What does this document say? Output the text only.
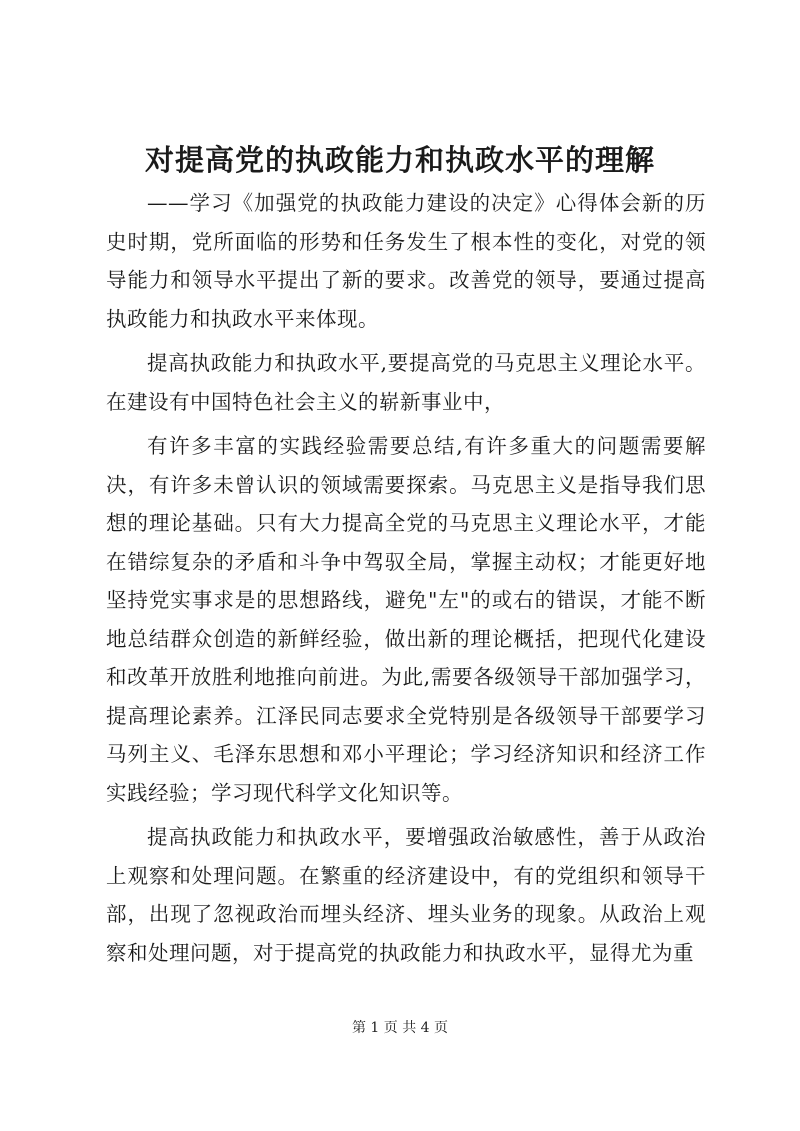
对提高党的执政能力和执政水平的理解

——学习《加强党的执政能力建设的决定》心得体会新的历史时期，党所面临的形势和任务发生了根本性的变化，对党的领导能力和领导水平提出了新的要求。改善党的领导，要通过提高执政能力和执政水平来体现。

提高执政能力和执政水平,要提高党的马克思主义理论水平。在建设有中国特色社会主义的崭新事业中，

有许多丰富的实践经验需要总结,有许多重大的问题需要解决，有许多未曾认识的领域需要探索。马克思主义是指导我们思想的理论基础。只有大力提高全党的马克思主义理论水平，才能在错综复杂的矛盾和斗争中驾驭全局，掌握主动权；才能更好地坚持党实事求是的思想路线，避免"左"的或右的错误，才能不断地总结群众创造的新鲜经验，做出新的理论概括，把现代化建设和改革开放胜利地推向前进。为此,需要各级领导干部加强学习，提高理论素养。江泽民同志要求全党特别是各级领导干部要学习马列主义、毛泽东思想和邓小平理论；学习经济知识和经济工作实践经验；学习现代科学文化知识等。

提高执政能力和执政水平，要增强政治敏感性，善于从政治上观察和处理问题。在繁重的经济建设中，有的党组织和领导干部，出现了忽视政治而埋头经济、埋头业务的现象。从政治上观察和处理问题，对于提高党的执政能力和执政水平，显得尤为重

第 1 页 共 4 页
